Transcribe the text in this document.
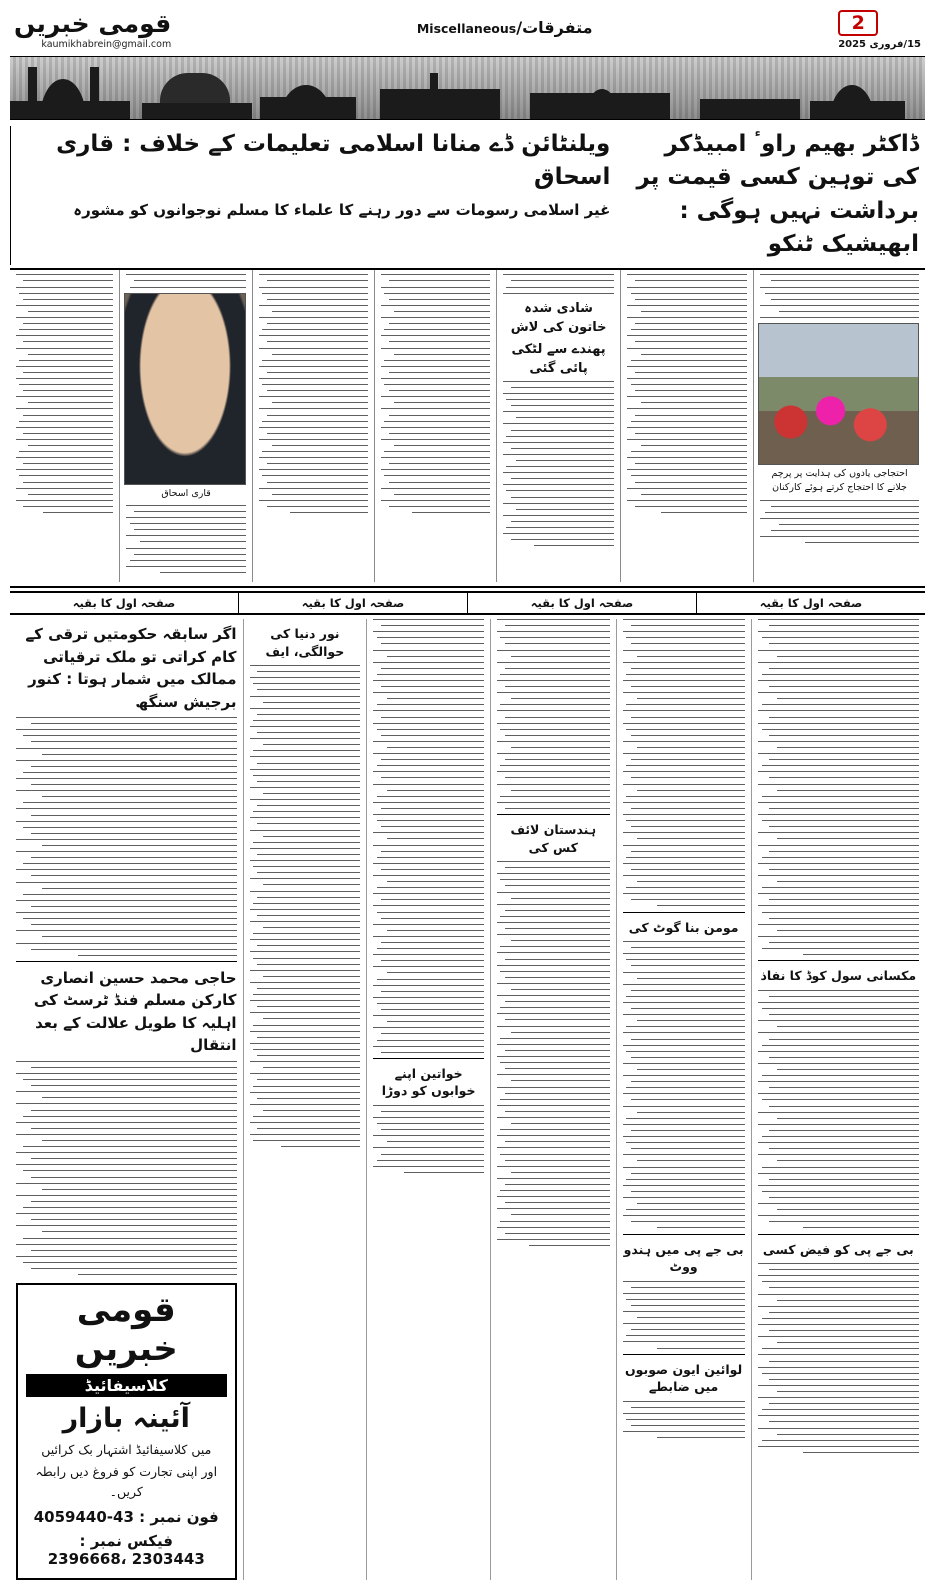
قومی خبریں
kaumikhabrein@gmail.com
متفرقات/Miscellaneous	2
15/فروری 2025
ڈاکٹر بھیم راوٴ امبیڈکر کی توہین کسی قیمت پر برداشت نہیں ہوگی : ابھیشیک ٹنکو
ویلنٹائن ڈے منانا اسلامی تعلیمات کے خلاف : قاری اسحاق
غیر اسلامی رسومات سے دور رہنے کا علماء کا مسلم نوجوانوں کو مشورہ
احتجاجی یادوں کی ہدایت پر پرچم جلانے کا احتجاج کرتے ہوئے کارکنان
شادی شدہ خاتون کی لاش
پھندے سے لٹکی پائی گئی
قاری اسحاق
صفحہ اول کا بقیہ
صفحہ اول کا بقیہ
صفحہ اول کا بقیہ
صفحہ اول کا بقیہ
مکسانی سول کوڈ کا نفاذ
بی جے پی کو فیض کسی
مومن بنا گوٹ کی
بی جے پی میں ہندو ووٹ
لوائین ایون صوبوں میں ضابطے
ہندستان لائف کس کی
خواتین اپنے خوابوں کو دوڑا
نور دنیا کی حوالگی، ایف
اگر سابقہ حکومتیں ترقی کے کام کراتی تو ملک ترقیاتی ممالک میں شمار ہوتا : کنور برجیش سنگھ
حاجی محمد حسین انصاری کارکن مسلم فنڈ ٹرسٹ کی اہلیہ کا طویل علالت کے بعد انتقال
قومی خبریں
کلاسیفائیڈ
آئینہ بازار
میں کلاسیفائیڈ اشتہار بک کرائیں
اور اپنی تجارت کو فروغ دیں رابطہ کریں۔
فون نمبر : 4059440-43
فیکس نمبر : 2396668، 2303443
